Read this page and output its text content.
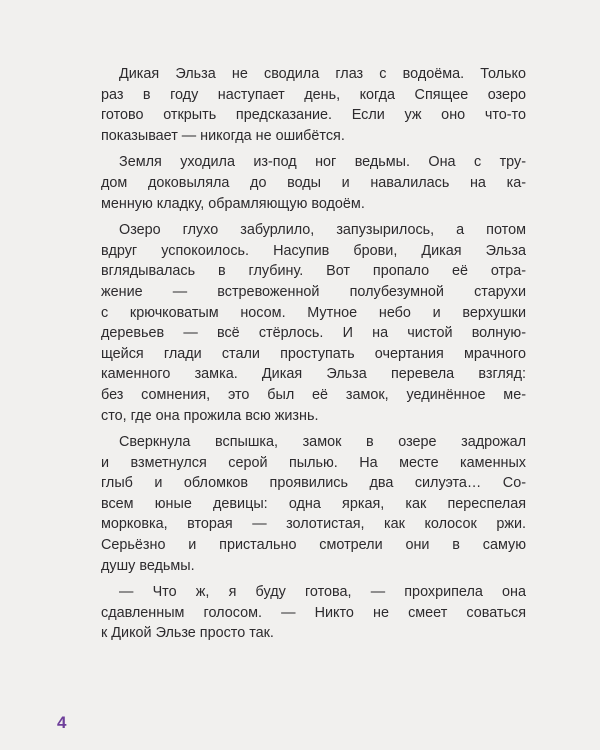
Дикая Эльза не сводила глаз с водоёма. Только
раз в году наступает день, когда Спящее озеро
готово открыть предсказание. Если уж оно что-то
показывает — никогда не ошибётся.

Земля уходила из-под ног ведьмы. Она с тру-
дом доковыляла до воды и навалилась на ка-
менную кладку, обрамляющую водоём.

Озеро глухо забурлило, запузырилось, а потом
вдруг успокоилось. Насупив брови, Дикая Эльза
вглядывалась в глубину. Вот пропало её отра-
жение — встревоженной полубезумной старухи
с крючковатым носом. Мутное небо и верхушки
деревьев — всё стёрлось. И на чистой волную-
щейся глади стали проступать очертания мрачного
каменного замка. Дикая Эльза перевела взгляд:
без сомнения, это был её замок, уединённое ме-
сто, где она прожила всю жизнь.

Сверкнула вспышка, замок в озере задрожал
и взметнулся серой пылью. На месте каменных
глыб и обломков проявились два силуэта… Со-
всем юные девицы: одна яркая, как переспелая
морковка, вторая — золотистая, как колосок ржи.
Серьёзно и пристально смотрели они в самую
душу ведьмы.

— Что ж, я буду готова, — прохрипела она
сдавленным голосом. — Никто не смеет соваться
к Дикой Эльзе просто так.

4
